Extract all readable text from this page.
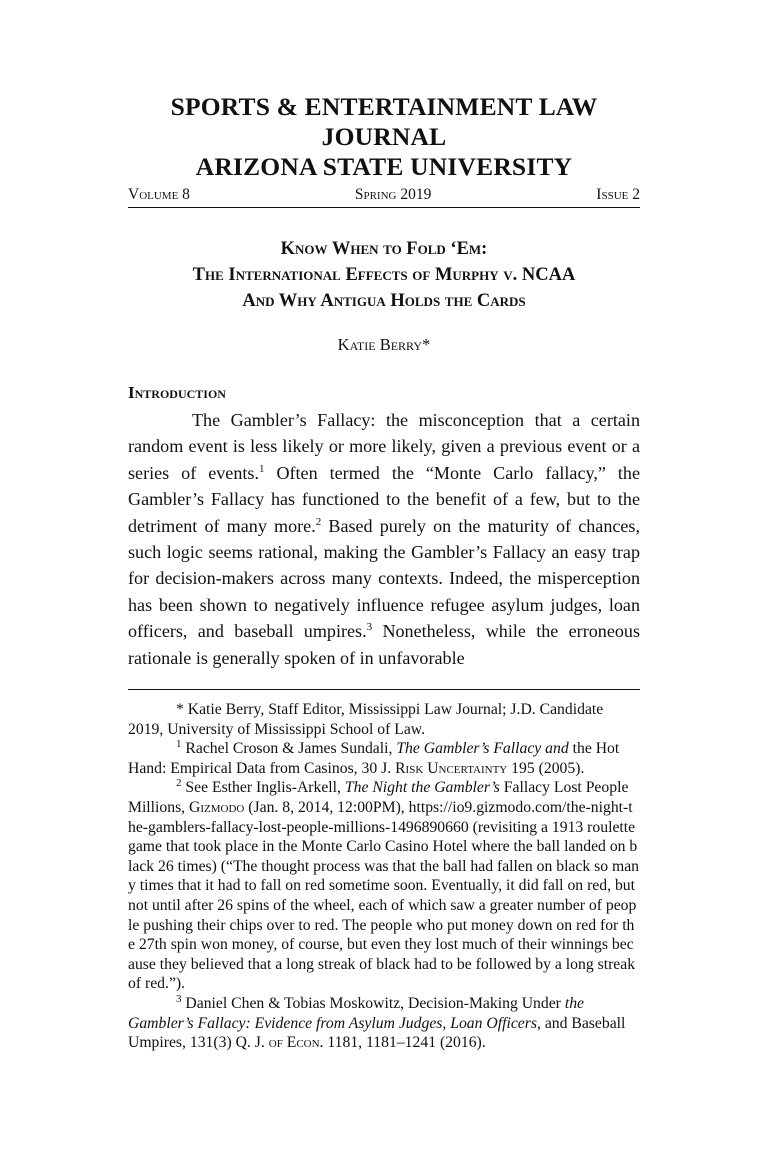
SPORTS & ENTERTAINMENT LAW JOURNAL
ARIZONA STATE UNIVERSITY
Volume 8	Spring 2019	Issue 2
Know When to Fold ‘Em:
The International Effects of Murphy v. NCAA
And Why Antigua Holds the Cards
Katie Berry*
Introduction

The Gambler’s Fallacy: the misconception that a certain random event is less likely or more likely, given a previous event or a series of events.$^1$ Often termed the “Monte Carlo fallacy,” the Gambler’s Fallacy has functioned to the benefit of a few, but to the detriment of many more.$^2$ Based purely on the maturity of chances, such logic seems rational, making the Gambler’s Fallacy an easy trap for decision-makers across many contexts. Indeed, the misperception has been shown to negatively influence refugee asylum judges, loan officers, and baseball umpires.$^3$ Nonetheless, while the erroneous rationale is generally spoken of in unfavorable

* Katie Berry, Staff Editor, Mississippi Law Journal; J.D. Candidate 2019, University of Mississippi School of Law.

$^1$ Rachel Croson & James Sundali, The Gambler’s Fallacy and the Hot Hand: Empirical Data from Casinos, 30 J. Risk Uncertainty 195 (2005).

$^2$ See Esther Inglis-Arkell, The Night the Gambler’s Fallacy Lost People Millions, Gizmodo (Jan. 8, 2014, 12:00PM), https://io9.gizmodo.com/the-night-the-gamblers-fallacy-lost-people-millions-1496890660 (revisiting a 1913 roulette game that took place in the Monte Carlo Casino Hotel where the ball landed on black 26 times) (“The thought process was that the ball had fallen on black so many times that it had to fall on red sometime soon. Eventually, it did fall on red, but not until after 26 spins of the wheel, each of which saw a greater number of people pushing their chips over to red. The people who put money down on red for the 27th spin won money, of course, but even they lost much of their winnings because they believed that a long streak of black had to be followed by a long streak of red.”).

$^3$ Daniel Chen & Tobias Moskowitz, Decision-Making Under the Gambler’s Fallacy: Evidence from Asylum Judges, Loan Officers, and Baseball Umpires, 131(3) Q. J. of Econ. 1181, 1181–1241 (2016).
